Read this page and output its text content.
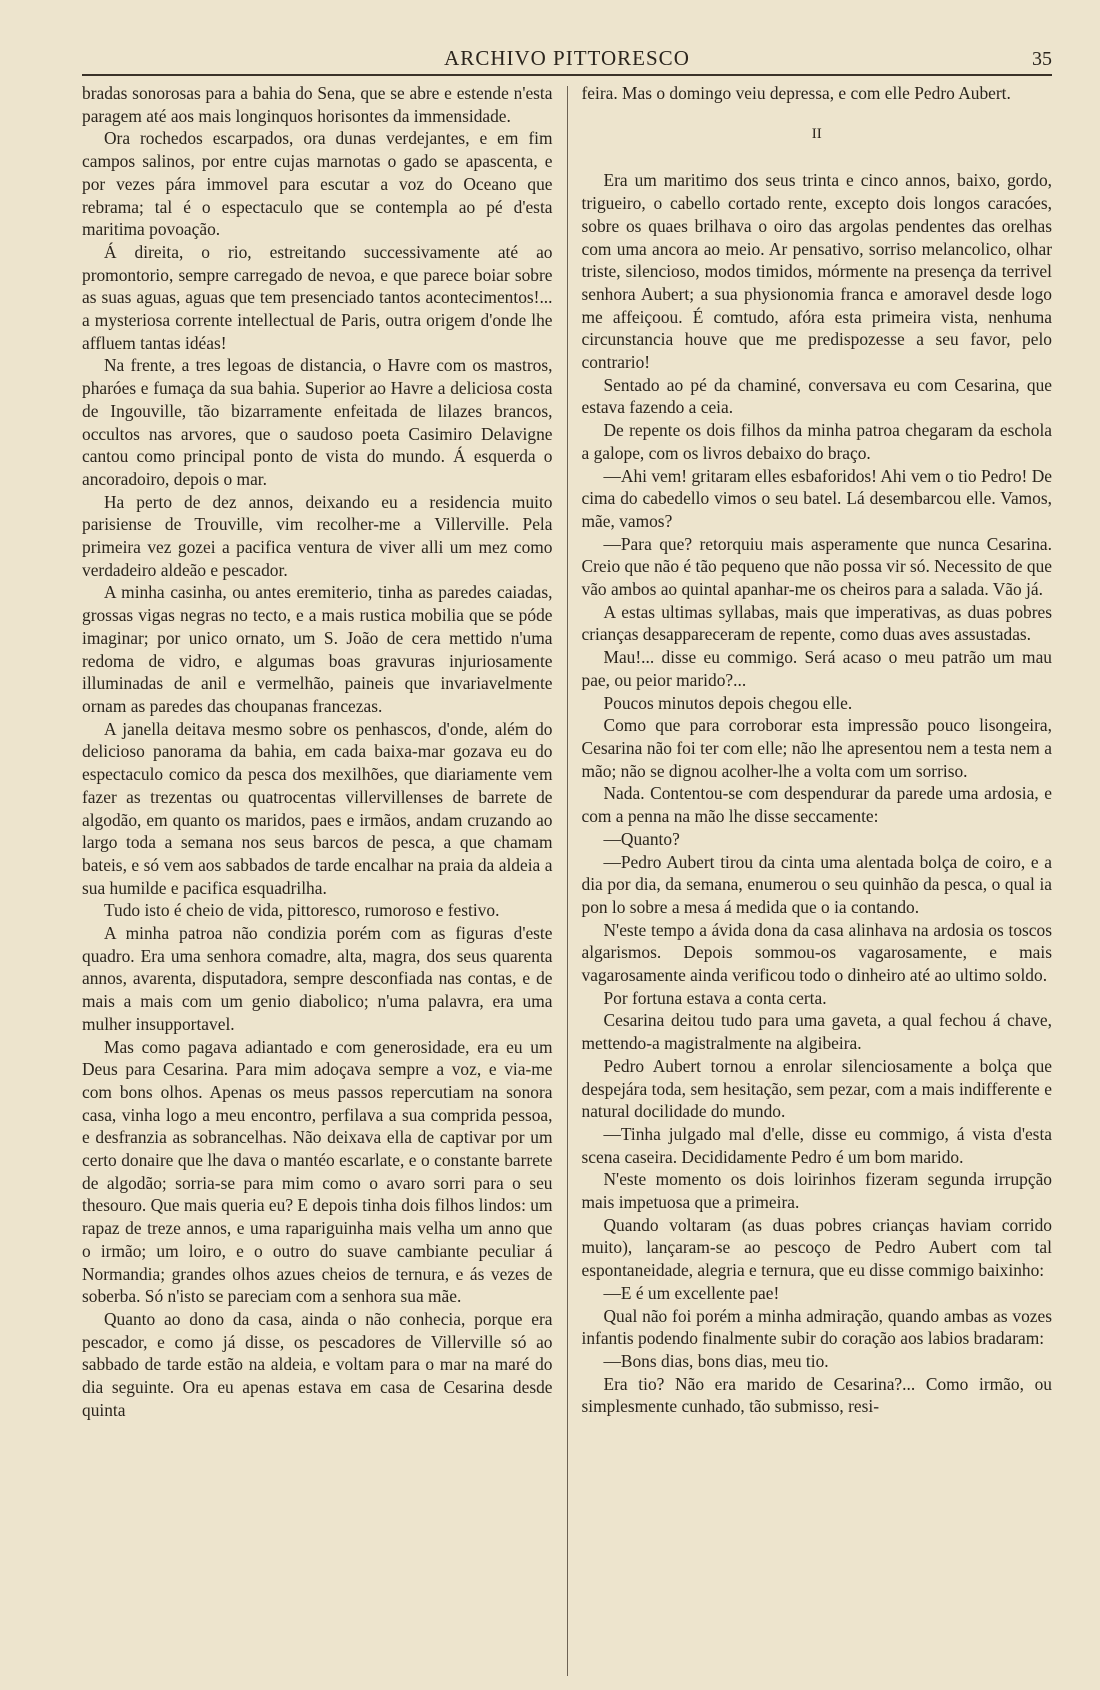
ARCHIVO PITTORESCO	35

bradas sonorosas para a bahia do Sena, que se abre e estende n'esta paragem até aos mais longinquos horisontes da immensidade.

Ora rochedos escarpados, ora dunas verdejantes, e em fim campos salinos, por entre cujas marnotas o gado se apascenta, e por vezes pára immovel para escutar a voz do Oceano que rebrama; tal é o espectaculo que se contempla ao pé d'esta maritima povoação.

Á direita, o rio, estreitando successivamente até ao promontorio, sempre carregado de nevoa, e que parece boiar sobre as suas aguas, aguas que tem presenciado tantos acontecimentos!... a mysteriosa corrente intellectual de Paris, outra origem d'onde lhe affluem tantas idéas!

Na frente, a tres legoas de distancia, o Havre com os mastros, pharóes e fumaça da sua bahia. Superior ao Havre a deliciosa costa de Ingouville, tão bizarramente enfeitada de lilazes brancos, occultos nas arvores, que o saudoso poeta Casimiro Delavigne cantou como principal ponto de vista do mundo. Á esquerda o ancoradoiro, depois o mar.

Ha perto de dez annos, deixando eu a residencia muito parisiense de Trouville, vim recolher-me a Villerville. Pela primeira vez gozei a pacifica ventura de viver alli um mez como verdadeiro aldeão e pescador.

A minha casinha, ou antes eremiterio, tinha as paredes caiadas, grossas vigas negras no tecto, e a mais rustica mobilia que se póde imaginar; por unico ornato, um S. João de cera mettido n'uma redoma de vidro, e algumas boas gravuras injuriosamente illuminadas de anil e vermelhão, paineis que invariavelmente ornam as paredes das choupanas francezas.

A janella deitava mesmo sobre os penhascos, d'onde, além do delicioso panorama da bahia, em cada baixa-mar gozava eu do espectaculo comico da pesca dos mexilhões, que diariamente vem fazer as trezentas ou quatrocentas villervillenses de barrete de algodão, em quanto os maridos, paes e irmãos, andam cruzando ao largo toda a semana nos seus barcos de pesca, a que chamam bateis, e só vem aos sabbados de tarde encalhar na praia da aldeia a sua humilde e pacifica esquadrilha.

Tudo isto é cheio de vida, pittoresco, rumoroso e festivo.

A minha patroa não condizia porém com as figuras d'este quadro. Era uma senhora comadre, alta, magra, dos seus quarenta annos, avarenta, disputadora, sempre desconfiada nas contas, e de mais a mais com um genio diabolico; n'uma palavra, era uma mulher insupportavel.

Mas como pagava adiantado e com generosidade, era eu um Deus para Cesarina. Para mim adoçava sempre a voz, e via-me com bons olhos. Apenas os meus passos repercutiam na sonora casa, vinha logo a meu encontro, perfilava a sua comprida pessoa, e desfranzia as sobrancelhas. Não deixava ella de captivar por um certo donaire que lhe dava o mantéo escarlate, e o constante barrete de algodão; sorria-se para mim como o avaro sorri para o seu thesouro. Que mais queria eu? E depois tinha dois filhos lindos: um rapaz de treze annos, e uma rapariguinha mais velha um anno que o irmão; um loiro, e o outro do suave cambiante peculiar á Normandia; grandes olhos azues cheios de ternura, e ás vezes de soberba. Só n'isto se pareciam com a senhora sua mãe.

Quanto ao dono da casa, ainda o não conhecia, porque era pescador, e como já disse, os pescadores de Villerville só ao sabbado de tarde estão na aldeia, e voltam para o mar na maré do dia seguinte. Ora eu apenas estava em casa de Cesarina desde quinta

feira. Mas o domingo veiu depressa, e com elle Pedro Aubert.

II

Era um maritimo dos seus trinta e cinco annos, baixo, gordo, trigueiro, o cabello cortado rente, excepto dois longos caracóes, sobre os quaes brilhava o oiro das argolas pendentes das orelhas com uma ancora ao meio. Ar pensativo, sorriso melancolico, olhar triste, silencioso, modos timidos, mórmente na presença da terrivel senhora Aubert; a sua physionomia franca e amoravel desde logo me affeiçoou. É comtudo, afóra esta primeira vista, nenhuma circunstancia houve que me predispozesse a seu favor, pelo contrario!

Sentado ao pé da chaminé, conversava eu com Cesarina, que estava fazendo a ceia.

De repente os dois filhos da minha patroa chegaram da eschola a galope, com os livros debaixo do braço.

—Ahi vem! gritaram elles esbaforidos! Ahi vem o tio Pedro! De cima do cabedello vimos o seu batel. Lá desembarcou elle. Vamos, mãe, vamos?

—Para que? retorquiu mais asperamente que nunca Cesarina. Creio que não é tão pequeno que não possa vir só. Necessito de que vão ambos ao quintal apanhar-me os cheiros para a salada. Vão já.

A estas ultimas syllabas, mais que imperativas, as duas pobres crianças desappareceram de repente, como duas aves assustadas.

Mau!... disse eu commigo. Será acaso o meu patrão um mau pae, ou peior marido?...

Poucos minutos depois chegou elle.

Como que para corroborar esta impressão pouco lisongeira, Cesarina não foi ter com elle; não lhe apresentou nem a testa nem a mão; não se dignou acolher-lhe a volta com um sorriso.

Nada. Contentou-se com despendurar da parede uma ardosia, e com a penna na mão lhe disse seccamente:

—Quanto?

—Pedro Aubert tirou da cinta uma alentada bolça de coiro, e a dia por dia, da semana, enumerou o seu quinhão da pesca, o qual ia pon lo sobre a mesa á medida que o ia contando.

N'este tempo a ávida dona da casa alinhava na ardosia os toscos algarismos. Depois sommou-os vagarosamente, e mais vagarosamente ainda verificou todo o dinheiro até ao ultimo soldo.

Por fortuna estava a conta certa.

Cesarina deitou tudo para uma gaveta, a qual fechou á chave, mettendo-a magistralmente na algibeira.

Pedro Aubert tornou a enrolar silenciosamente a bolça que despejára toda, sem hesitação, sem pezar, com a mais indifferente e natural docilidade do mundo.

—Tinha julgado mal d'elle, disse eu commigo, á vista d'esta scena caseira. Decididamente Pedro é um bom marido.

N'este momento os dois loirinhos fizeram segunda irrupção mais impetuosa que a primeira.

Quando voltaram (as duas pobres crianças haviam corrido muito), lançaram-se ao pescoço de Pedro Aubert com tal espontaneidade, alegria e ternura, que eu disse commigo baixinho:

—E é um excellente pae!

Qual não foi porém a minha admiração, quando ambas as vozes infantis podendo finalmente subir do coração aos labios bradaram:

—Bons dias, bons dias, meu tio.

Era tio? Não era marido de Cesarina?... Como irmão, ou simplesmente cunhado, tão submisso, resi-
